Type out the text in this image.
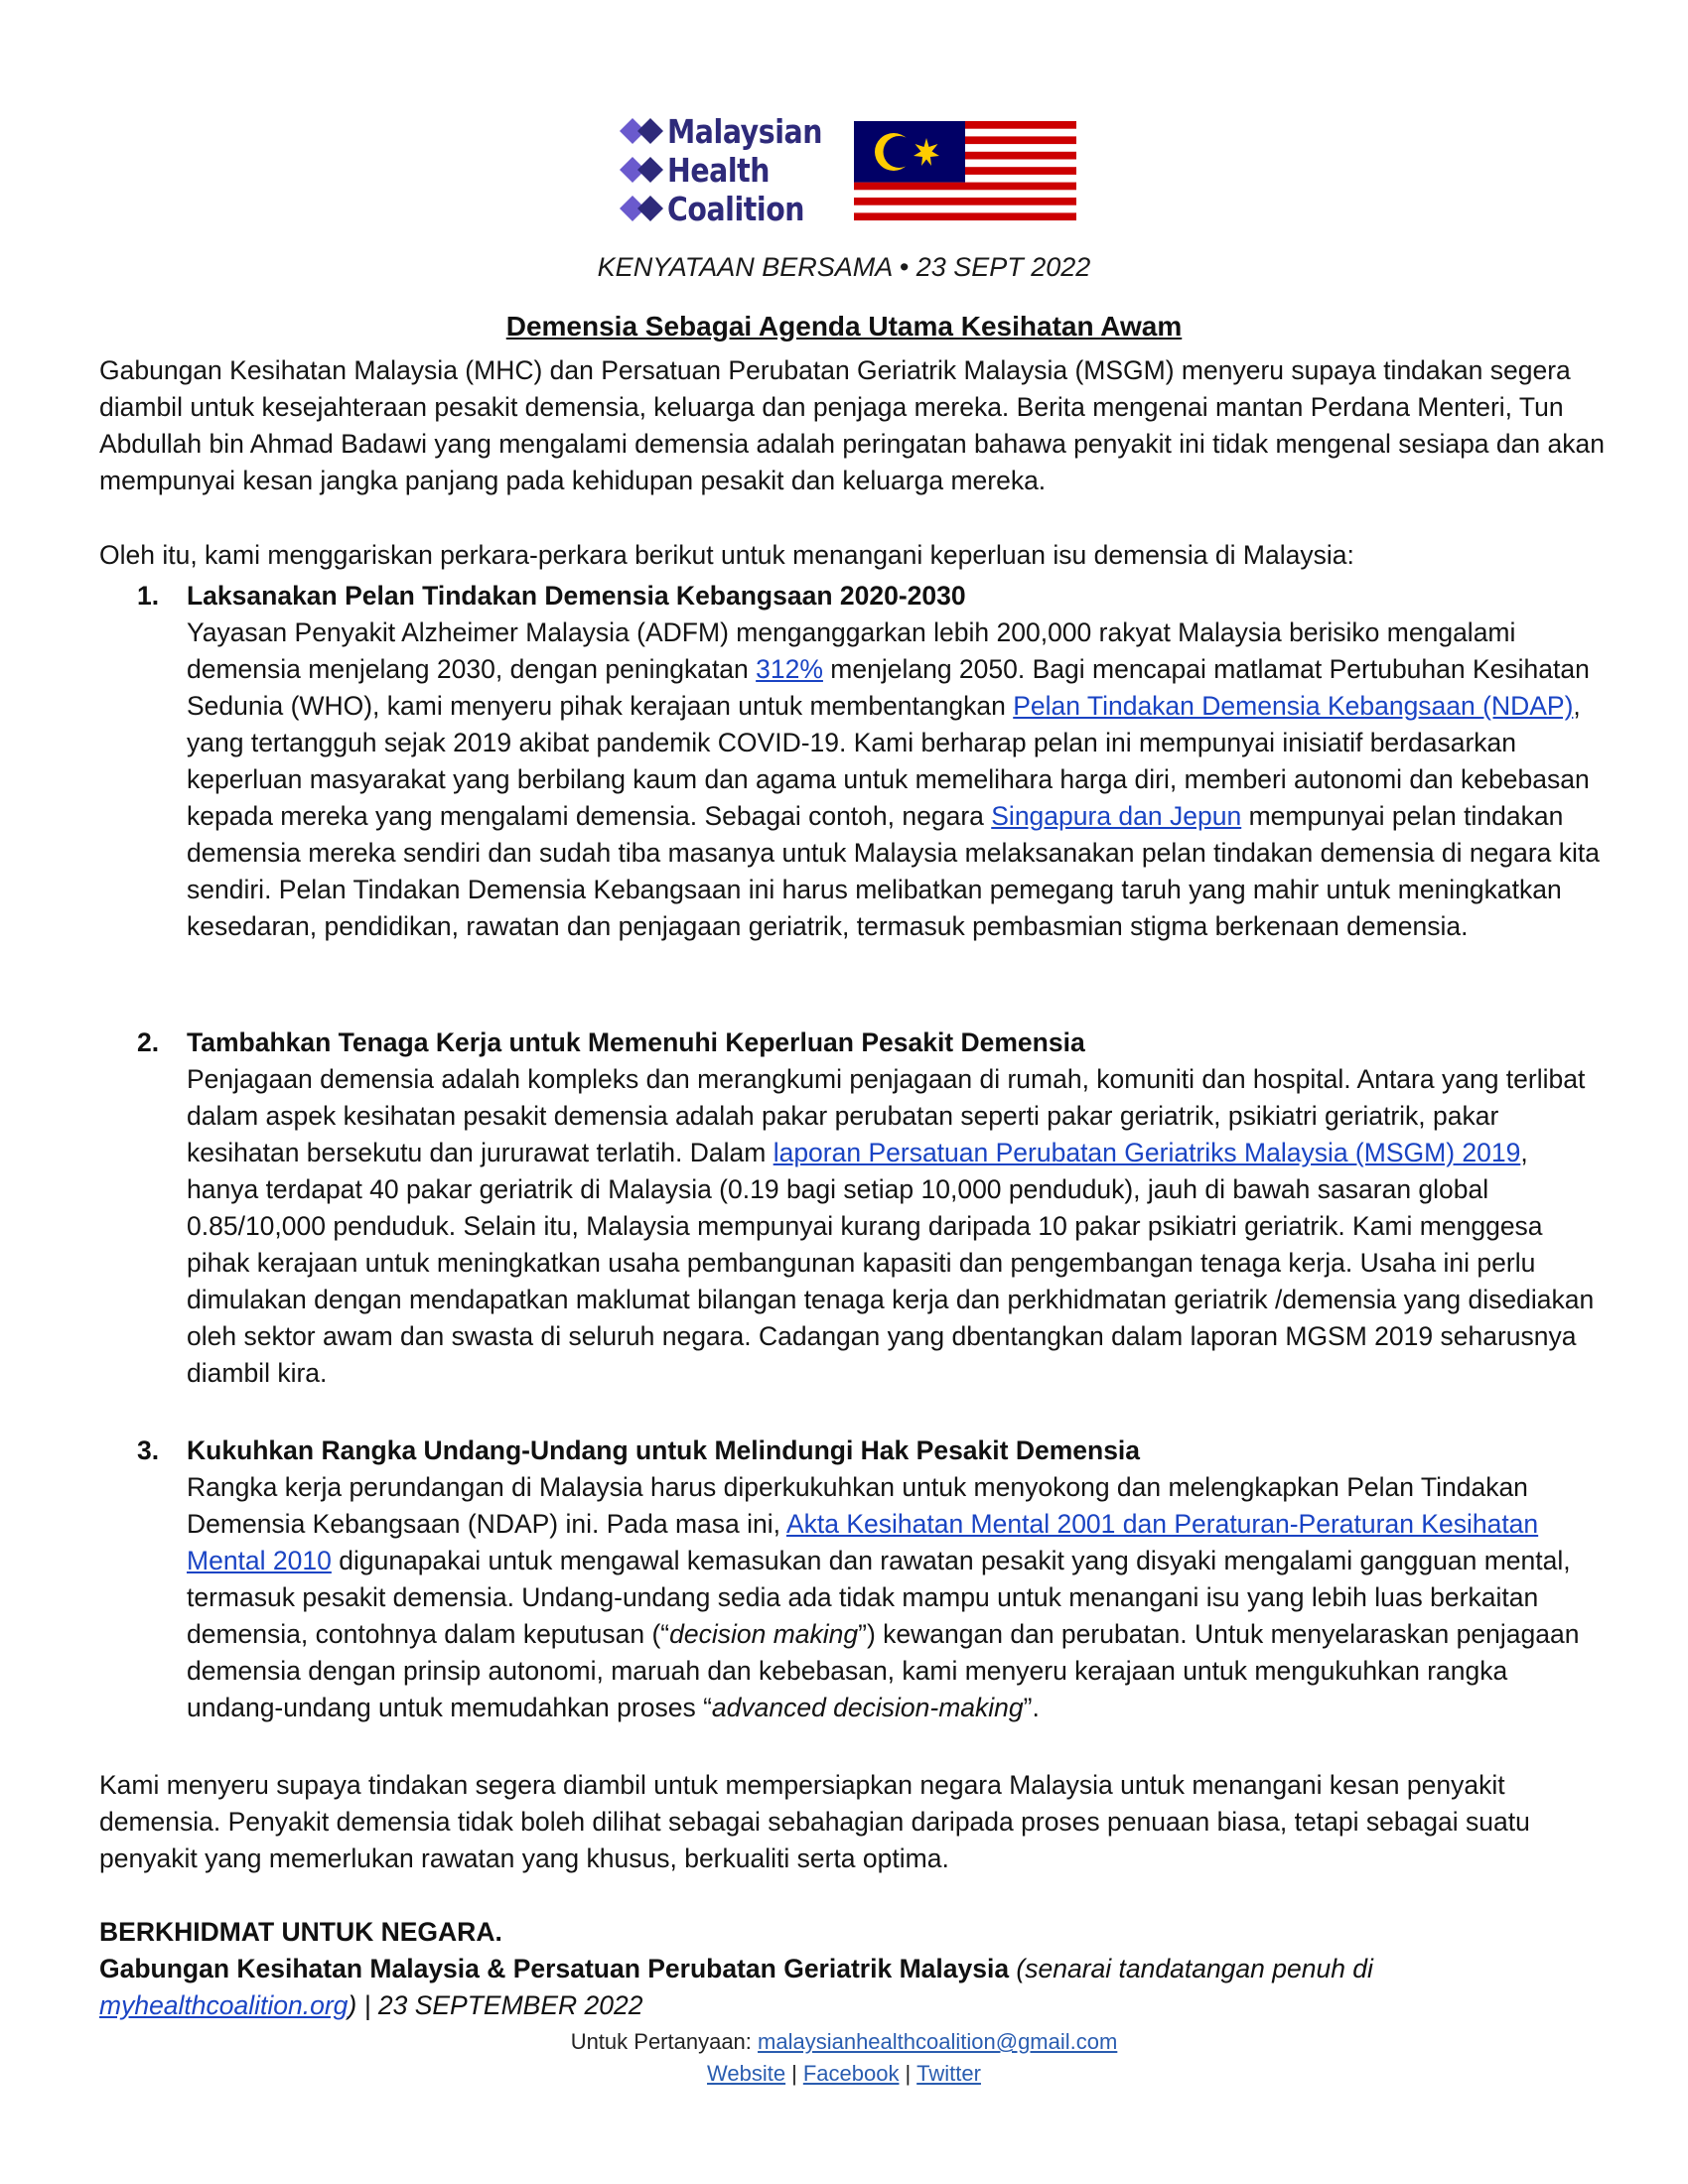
Malaysian
Health
Coalition
KENYATAAN BERSAMA • 23 SEPT 2022
Demensia Sebagai Agenda Utama Kesihatan Awam
Gabungan Kesihatan Malaysia (MHC) dan Persatuan Perubatan Geriatrik Malaysia (MSGM) menyeru supaya tindakan segera diambil untuk kesejahteraan pesakit demensia, keluarga dan penjaga mereka. Berita mengenai mantan Perdana Menteri, Tun Abdullah bin Ahmad Badawi yang mengalami demensia adalah peringatan bahawa penyakit ini tidak mengenal sesiapa dan akan mempunyai kesan jangka panjang pada kehidupan pesakit dan keluarga mereka.
Oleh itu, kami menggariskan perkara-perkara berikut untuk menangani keperluan isu demensia di Malaysia:
1.	Laksanakan Pelan Tindakan Demensia Kebangsaan 2020-2030
Yayasan Penyakit Alzheimer Malaysia (ADFM) menganggarkan lebih 200,000 rakyat Malaysia berisiko mengalami demensia menjelang 2030, dengan peningkatan 312% menjelang 2050. Bagi mencapai matlamat Pertubuhan Kesihatan Sedunia (WHO), kami menyeru pihak kerajaan untuk membentangkan Pelan Tindakan Demensia Kebangsaan (NDAP), yang tertangguh sejak 2019 akibat pandemik COVID-19. Kami berharap pelan ini mempunyai inisiatif berdasarkan keperluan masyarakat yang berbilang kaum dan agama untuk memelihara harga diri, memberi autonomi dan kebebasan kepada mereka yang mengalami demensia. Sebagai contoh, negara Singapura dan Jepun mempunyai pelan tindakan demensia mereka sendiri dan sudah tiba masanya untuk Malaysia melaksanakan pelan tindakan demensia di negara kita sendiri. Pelan Tindakan Demensia Kebangsaan ini harus melibatkan pemegang taruh yang mahir untuk meningkatkan kesedaran, pendidikan, rawatan dan penjagaan geriatrik, termasuk pembasmian stigma berkenaan demensia.
2.	Tambahkan Tenaga Kerja untuk Memenuhi Keperluan Pesakit Demensia
Penjagaan demensia adalah kompleks dan merangkumi penjagaan di rumah, komuniti dan hospital. Antara yang terlibat dalam aspek kesihatan pesakit demensia adalah pakar perubatan seperti pakar geriatrik, psikiatri geriatrik, pakar kesihatan bersekutu dan jururawat terlatih. Dalam laporan Persatuan Perubatan Geriatriks Malaysia (MSGM) 2019, hanya terdapat 40 pakar geriatrik di Malaysia (0.19 bagi setiap 10,000 penduduk), jauh di bawah sasaran global 0.85/10,000 penduduk. Selain itu, Malaysia mempunyai kurang daripada 10 pakar psikiatri geriatrik. Kami menggesa pihak kerajaan untuk meningkatkan usaha pembangunan kapasiti dan pengembangan tenaga kerja. Usaha ini perlu dimulakan dengan mendapatkan maklumat bilangan tenaga kerja dan perkhidmatan geriatrik /demensia yang disediakan oleh sektor awam dan swasta di seluruh negara. Cadangan yang dbentangkan dalam laporan MGSM 2019 seharusnya diambil kira.
3.	Kukuhkan Rangka Undang-Undang untuk Melindungi Hak Pesakit Demensia
Rangka kerja perundangan di Malaysia harus diperkukuhkan untuk menyokong dan melengkapkan Pelan Tindakan Demensia Kebangsaan (NDAP) ini. Pada masa ini, Akta Kesihatan Mental 2001 dan Peraturan-Peraturan Kesihatan Mental 2010 digunapakai untuk mengawal kemasukan dan rawatan pesakit yang disyaki mengalami gangguan mental, termasuk pesakit demensia. Undang-undang sedia ada tidak mampu untuk menangani isu yang lebih luas berkaitan demensia, contohnya dalam keputusan (“decision making”) kewangan dan perubatan. Untuk menyelaraskan penjagaan demensia dengan prinsip autonomi, maruah dan kebebasan, kami menyeru kerajaan untuk mengukuhkan rangka undang-undang untuk memudahkan proses “advanced decision-making”.
Kami menyeru supaya tindakan segera diambil untuk mempersiapkan negara Malaysia untuk menangani kesan penyakit demensia. Penyakit demensia tidak boleh dilihat sebagai sebahagian daripada proses penuaan biasa, tetapi sebagai suatu penyakit yang memerlukan rawatan yang khusus, berkualiti serta optima.
BERKHIDMAT UNTUK NEGARA.
Gabungan Kesihatan Malaysia & Persatuan Perubatan Geriatrik Malaysia (senarai tandatangan penuh di myhealthcoalition.org) | 23 SEPTEMBER 2022
Untuk Pertanyaan: malaysianhealthcoalition@gmail.com
Website | Facebook | Twitter
